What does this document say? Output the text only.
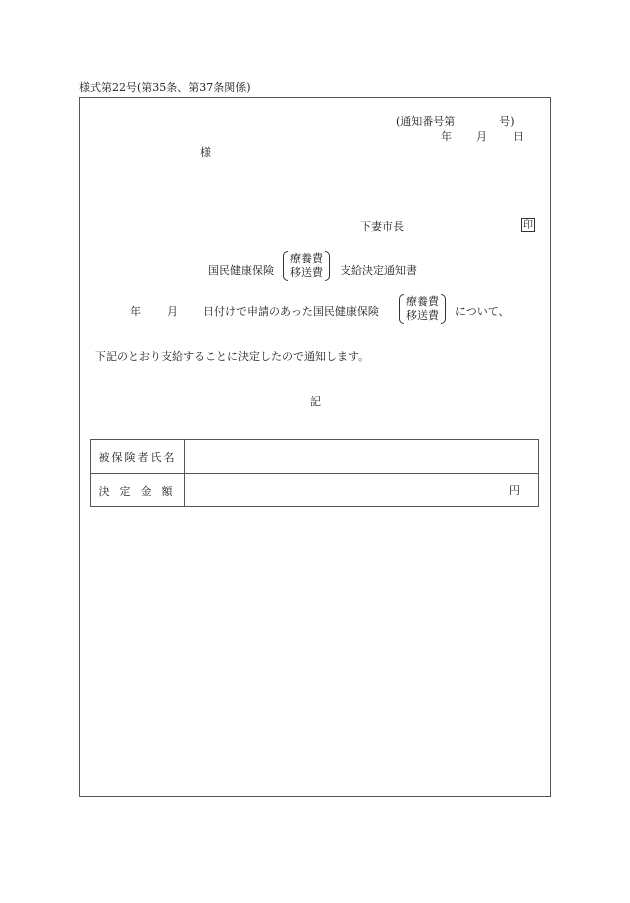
様式第22号(第35条、第37条関係)
(通知番号第　　　　号)
年 月 日
様
下妻市長	印
国民健康保険
療養費
移送費 支給決定通知書
年 月 日付けで申請のあった国民健康保険
療養費
移送費 について、
下記のとおり支給することに決定したので通知します。
記
被保険者氏名
決定金額	円
